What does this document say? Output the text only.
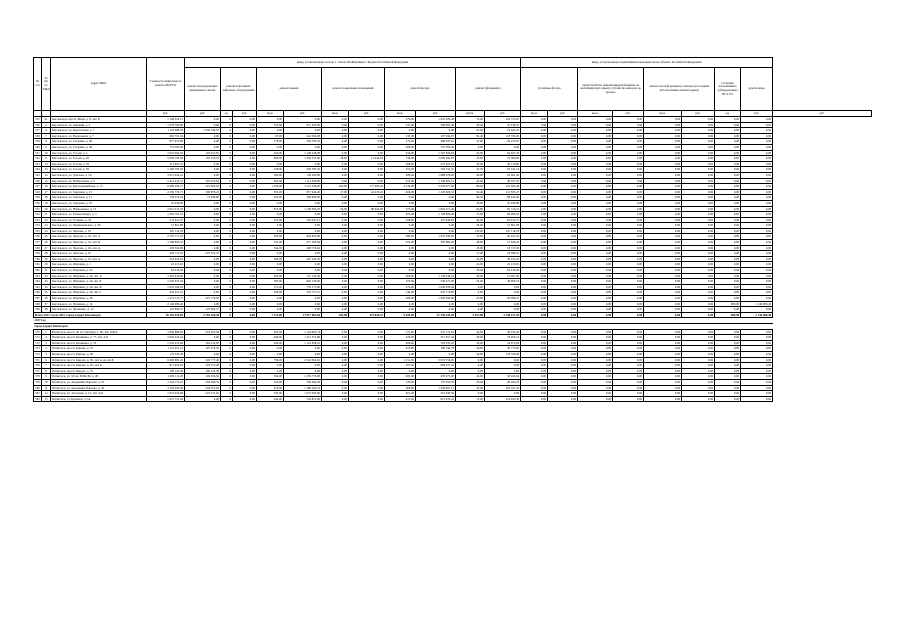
№ п/п	№ п/п по МКД	Адрес МКД	Стоимость капитального ремонта ВСЕГО	виды, установленные частью 1 статьи 166 Жилищного Кодекса Российской Федерации											виды, установленные нормативным правовым актом субъекта Российской Федерации								
				ремонт внутридомовых инженерных систем	ремонт или замена лифтового оборудования		ремонт крыши		ремонт подвальных помещений		ремонт фасада		ремонт фундамента		утепление фасада		переустройство невентилируемой крыши на вентилируемую крышу, устройство выходов на кровлю		замена плоской крыши на скатную (по нормам использования скатных крыш)		установка коллективных (общедомовых) ПУ и УУ	другие виды	
			руб.	руб.	ед.	руб.	кв.м.	руб.	кв.м.	руб.	кв.м.	руб.	куб.м.	руб.	кв.м.	руб.	кв.м.	руб.	кв.м.	руб.	ед.	руб.	руб.
535	41	Кисловодск, просп. Мира, д. 8, лит. Б	1 148 652,15	0,00	0	0,00	0,00	0,00	0,00	0,00	376,00	1 045 926,48	74,00	102 725,67	0,00	0,00	0,00	0,00	0,00	0,00	0,00	0,00	
536	2	Кисловодск, ул. Авиации, д. 4	1 078 783,80	0,00	0	0,00	370,00	657 262,00	0,00	0,00	231,00	399 083,48	36,40	52 438,32	0,00	0,00	0,00	0,00	0,00	0,00	0,00	0,00	
537	6	Кисловодск, ул. Березовская, д. 7	1 118 688,78	1 056 746,53	0	0,00	0,00	0,00	0,00	0,00	0,00	0,00	45,00	61 942,25	0,00	0,00	0,00	0,00	0,00	0,00	0,00	0,00	
538	7	Кисловодск, ул. Вокзальная, д. 7	660 701,34	0,00	0	0,00	97,00	242 366,08	0,00	0,00	135,00	107 634,97	82,40	118 700,29	0,00	0,00	0,00	0,00	0,00	0,00	0,00	0,00	
539	8	Кисловодск, ул. Гагарина, д. 40	877 974,89	0,00	0	0,00	178,00	294 785,32	0,00	0,00	174,00	488 933,91	47,60	94 255,67	0,00	0,00	0,00	0,00	0,00	0,00	0,00	0,00	
540	9	Кисловодск, ул. Гагарина, д. 48	752 385,40	0,00	0	0,00	0,00	0,00	0,00	0,00	286,00	752 385,40	0,00	0,00	0,00	0,00	0,00	0,00	0,00	0,00	0,00	0,00	
541	10	Кисловодск, ул. Гоголя, д. 2	2 923 094,03	102 913,65	0	0,00	420,00	1 148 428,08	0,00	0,00	610,00	1 797 826,93	45,00	64 927,43	0,00	0,00	0,00	0,00	0,00	0,00	0,00	0,00	
542	11	Кисловодск, ул. Гоголя, д. 29	5 028 100,39	102 176,25	0	0,00	696,00	1 256 553,00	28,00	11 444,03	736,00	2 609 484,07	45,00	70 309,09	0,00	0,00	0,00	0,00	0,00	0,00	0,00	0,00	
543	12	Кисловодск, ул. Гоголя, д. 39	513 801,70	0,00	0	0,00	0,00	0,00	0,00	0,00	298,00	473 625,10	20,00	40 176,60	0,00	0,00	0,00	0,00	0,00	0,00	0,00	0,00	
544	13	Кисловодск, ул. Гоголя, д. 39	1 196 760,30	0,00	0	0,00	228,00	294 785,32	0,00	0,00	255,00	764 741,35	47,70	97 241,13	0,00	0,00	0,00	0,00	0,00	0,00	0,00	0,00	
545	14	Кисловодск, ул. Донская, д. 7А	2 611 024,22	0,00	0	0,00	560,00	749 283,80	0,00	0,00	480,00	1 688 978,00	40,00	63 061,42	0,00	0,00	0,00	0,00	0,00	0,00	0,00	0,00	
546	15	Кисловодск, ул. Набережная, д. 9	2 414 431,12	102 913,65	0	0,00	642,00	1 114 399,80	0,00	0,00	410,00	1 146 004,15	42,00	49 105,52	0,00	0,00	0,00	0,00	0,00	0,00	0,00	0,00	
547	16	Кисловодск, ул. Красноармейская, д. 15	6 999 336,77	201 606,03	0	0,00	1 506,00	3 125 336,20	262,00	177 995,44	2 136,00	3 278 977,00	88,00	225 992,46	0,00	0,00	0,00	0,00	0,00	0,00	0,00	0,00	
548	17	Кисловодск, ул. Заречная, д. 15	2 259 779,71	100 878,23	0	0,00	593,00	857 944,40	27,00	42 435,22	406,00	1 129 826,32	92,40	131 835,47	0,00	0,00	0,00	0,00	0,00	0,00	0,00	0,00	
549	18	Кисловодск, ул. Заречная, д. 17	759 079,44	72 838,82	0	0,00	320,00	569 828,00	0,00	0,00	0,00	0,00	66,50	88 244,60	0,00	0,00	0,00	0,00	0,00	0,00	0,00	0,00	
550	19	Кисловодск, ул. Заречная, д. 35	25 936,08	0,00	0	0,00	0,00	0,00	0,00	0,00	0,00	0,00	18,00	25 936,08	0,00	0,00	0,00	0,00	0,00	0,00	0,00	0,00	
551	20	Кисловодск, ул. Набережная, д. 13	2 915 215,45	0,00	0	0,00	672,00	1 128 385,20	56,00	88 644,90	573,00	1 602 471,20	64,80	95 713,15	0,00	0,00	0,00	0,00	0,00	0,00	0,00	0,00	
552	21	Кисловодск, ул. Р.Люксембург, д. 3	1 262 791,52	0,00	0	0,00	0,00	0,00	0,00	0,00	455,00	1 148 896,00	73,00	86 099,52	0,00	0,00	0,00	0,00	0,00	0,00	0,00	0,00	
553	22	Кисловодск, ул. Телмана, д. 54	274 811,07	0,00	0	0,00	355,00	102 047,15	0,00	0,00	228,00	107 944,83	46,00	64 474,75	0,00	0,00	0,00	0,00	0,00	0,00	0,00	0,00	
554	23	Кисловодск, ул. Чернышевского, д. 36	51 861,86	0,00	0	0,00	0,00	0,00	0,00	0,00	0,00	0,00	36,00	51 861,86	0,00	0,00	0,00	0,00	0,00	0,00	0,00	0,00	
555	24	Кисловодск, ул. Чкалова, д. 10	187 116,78	0,00	0	0,00	0,00	0,00	0,00	0,00	0,00	0,00	130,00	187 116,78	0,00	0,00	0,00	0,00	0,00	0,00	0,00	0,00	
556	25	Кисловодск, ул. Чкалова, д. 19, лит. А	2 767 771,03	0,00	0	0,00	385,00	694 845,80	0,00	0,00	980,00	1 952 780,00	55,00	90 425,33	0,00	0,00	0,00	0,00	0,00	0,00	0,00	0,00	
557	26	Кисловодск, ул. Чкалова, д. 19, лит. Н	1 589 893,34	0,00	0	0,00	531,00	977 583,84	0,00	0,00	270,00	393 882,00	48,00	57 626,43	0,00	0,00	0,00	0,00	0,00	0,00	0,00	0,00	
558	27	Кисловодск, ул. Чкалова, д. 20, лит. А	458 304,89	0,00	0	0,00	344,00	408 776,94	0,00	0,00	0,00	0,00	18,00	18 727,95	0,00	0,00	0,00	0,00	0,00	0,00	0,00	0,00	
559	28	Кисловодск, ул. Чкалова, д. 42	226 711,02	207 612,55	0	0,00	0,00	0,00	0,00	0,00	0,00	0,00	17,00	18 098,47	0,00	0,00	0,00	0,00	0,00	0,00	0,00	0,00	
560	29	Кисловодск, ул. Чкалова, д. 55, лит. А	553 244,02	0,00	0	0,00	399,00	497 229,30	0,00	0,00	0,00	0,00	22,00	30 015,22	0,00	0,00	0,00	0,00	0,00	0,00	0,00	0,00	
561	30	Кисловодск, ул. Шаумяна, д. 1	16 213,02	0,00	0	0,00	0,00	0,00	0,00	0,00	0,00	0,00	22,00	16 213,02	0,00	0,00	0,00	0,00	0,00	0,00	0,00	0,00	
562	31	Кисловодск, ул. Шаумяна, д. 23	63 218,30	0,00	0	0,00	0,00	0,00	0,00	0,00	0,00	0,00	30,00	63 218,30	0,00	0,00	0,00	0,00	0,00	0,00	0,00	0,00	
563	32	Кисловодск, ул. Шаумяна, д. 26, лит. А	1 902 619,66	0,00	0	0,00	385,00	712 156,46	0,00	0,00	400,00	1 138 446,24	36,00	51 001,96	0,00	0,00	0,00	0,00	0,00	0,00	0,00	0,00	
564	33	Кисловодск, ул. Шаумяна, д. 26, лит. Б	1 220 672,34	0,00	0	0,00	385,00	602 136,00	0,00	0,00	105,00	548 227,00	24,00	48 990,74	0,00	0,00	0,00	0,00	0,00	0,00	0,00	0,00	
565	34	Кисловодск, ул. Шаумяна, д. 26, лит. В	1 023 394,93	0,00	0	0,00	372,00	778 575,80	0,00	0,00	274,00	1 049 858,46	0,00	0,00	0,00	0,00	0,00	0,00	0,00	0,00	0,00	0,00	
566	35	Кисловодск, ул. Шаумяна, д. 26, лит. Г	923 427,12	0,00	0	0,00	308,00	519 717,12	0,00	0,00	144,00	403 710,00	0,00	0,00	0,00	0,00	0,00	0,00	0,00	0,00	0,00	0,00	
567	36	Кисловодск, ул. Шаумяна, д. 28	1 473 715,77	201 776,50	0	0,00	0,00	0,00	0,00	0,00	408,00	1 200 842,80	25,00	69 096,47	0,00	0,00	0,00	0,00	0,00	0,00	0,00	0,00	
568	37	Кисловодск, ул. Пушкина, д. 14	2 146 080,40	0,00	0	0,00	0,00	0,00	0,00	0,00	0,00	0,00	0,00	0,00	0,00	0,00	0,00	0,00	0,00	0,00	980,00	2 146 080,40	
569	38	Кисловодск, ул. Ярошенко, д. 12	125 894,57	125 894,57	0	0,00	0,00	0,00	0,00	0,00	0,00	0,00	0,00	0,00	0,00	0,00	0,00	0,00	0,00	0,00	0,00	0,00	
Итого 2017 год по МО: город-курорт Кисловодск			56 292 976,89	2 782 926,44	0	0,00	7 132,00	17 817 081,84	285,00	479 836,25	9 926,00	27 706 443,28	2 037,80	2 248 571,94	0,00	0,00	0,00	0,00	0,00	0,00	980,00	2 146 080,40	
2017 год																							
город-курорт Пятигорск																							
570	1	Пятигорск, просп. 40 лет Октября, д. 89, лит. Б,В,Д	1 856 888,94	216 950,46	0	0,00	405,00	1 144 845,74	0,00	0,00	175,00	255 174,62	24,00	30 674,40	0,00	0,00	0,00	0,00	0,00	0,00	0,00	0,00	
571	2	Пятигорск, просп. Калинина, д. 77, лит. А,Б	1 004 245,44	0,00	0	0,00	466,00	1 415 372,86	0,00	0,00	220,00	315 957,44	28,00	70 400,14	0,00	0,00	0,00	0,00	0,00	0,00	0,00	0,00	
572	3	Пятигорск, просп. Калинина, д. 79	2 542 015,68	394 235,83	0	0,00	446,00	1 122 658,45	0,00	0,00	406,00	702 935,20	26,00	52 873,69	0,00	0,00	0,00	0,00	0,00	0,00	0,00	0,00	
573	4	Пятигорск, просп. Кирова, д. 35	1 114 051,14	107 476,56	0	0,00	0,00	0,00	0,00	0,00	415,00	786 334,78	56,00	39 775,80	0,00	0,00	0,00	0,00	0,00	0,00	0,00	0,00	
574	5	Пятигорск, просп. Кирова, д. 38	133 359,38	0,00	0	0,00	0,00	0,00	0,00	0,00	0,00	0,00	56,00	133 359,38	0,00	0,00	0,00	0,00	0,00	0,00	0,00	0,00	
575	6	Пятигорск, просп. Кирова, д. 39, лит. А,А1,А2,Б	6 690 685,45	203 777,40	0	0,00	796,00	2 524 302,81	0,00	0,00	1 151,00	3 974 756,95	0,00	0,00	0,00	0,00	0,00	0,00	0,00	0,00	0,00	0,00	
576	7	Пятигорск, просп. Кирова, д. 65, лит. Б	871 952,93	203 515,48	0	0,00	0,00	0,00	0,00	0,00	267,00	668 437,45	0,00	0,00	0,00	0,00	0,00	0,00	0,00	0,00	0,00	0,00	
577	8	Пятигорск, просп. Кирова, д. 75	100 122,36	100 122,36	0	0,00	0,00	0,00	0,00	0,00	0,00	0,00	0,00	0,00	0,00	0,00	0,00	0,00	0,00	0,00	0,00	0,00	
578	9	Пятигорск, ул. 50 лет ВЛКСМ, д. 48	1 903 111,28	106 636,36	0	0,00	396,00	1 259 776,98	0,00	0,00	285,00	478 475,00	24,00	58 445,94	0,00	0,00	0,00	0,00	0,00	0,00	0,00	0,00	
579	10	Пятигорск, ул. Академика Павлова, д. 10	1 244 172,22	204 396,70	0	0,00	220,00	790 099,36	0,00	0,00	126,00	170 950,76	28,00	49 264,18	0,00	0,00	0,00	0,00	0,00	0,00	0,00	0,00	
580	11	Пятигорск, ул. Академика Павлова, д. 20	3 192 294,08	204 075,63	0	0,00	476,00	1 388 296,54	0,00	0,00	606,00	1 439 891,15	45,00	165 327,42	0,00	0,00	0,00	0,00	0,00	0,00	0,00	0,00	
581	12	Пятигорск, ул. Аптечная, д. 14, лит. А,Б	1 974 456,08	324 531,92	0	0,00	335,00	1 057 993,60	0,00	0,00	401,00	591 930,56	0,00	0,00	0,00	0,00	0,00	0,00	0,00	0,00	0,00	0,00	
582	13	Пятигорск, ул. Бунимов, д. 5А	1 475 751,04	0,00	0	0,00	240,00	745 872,00	0,00	0,00	415,00	613 019,42	73,00	116 945,30	0,00	0,00	0,00	0,00	0,00	0,00	0,00	0,00	
